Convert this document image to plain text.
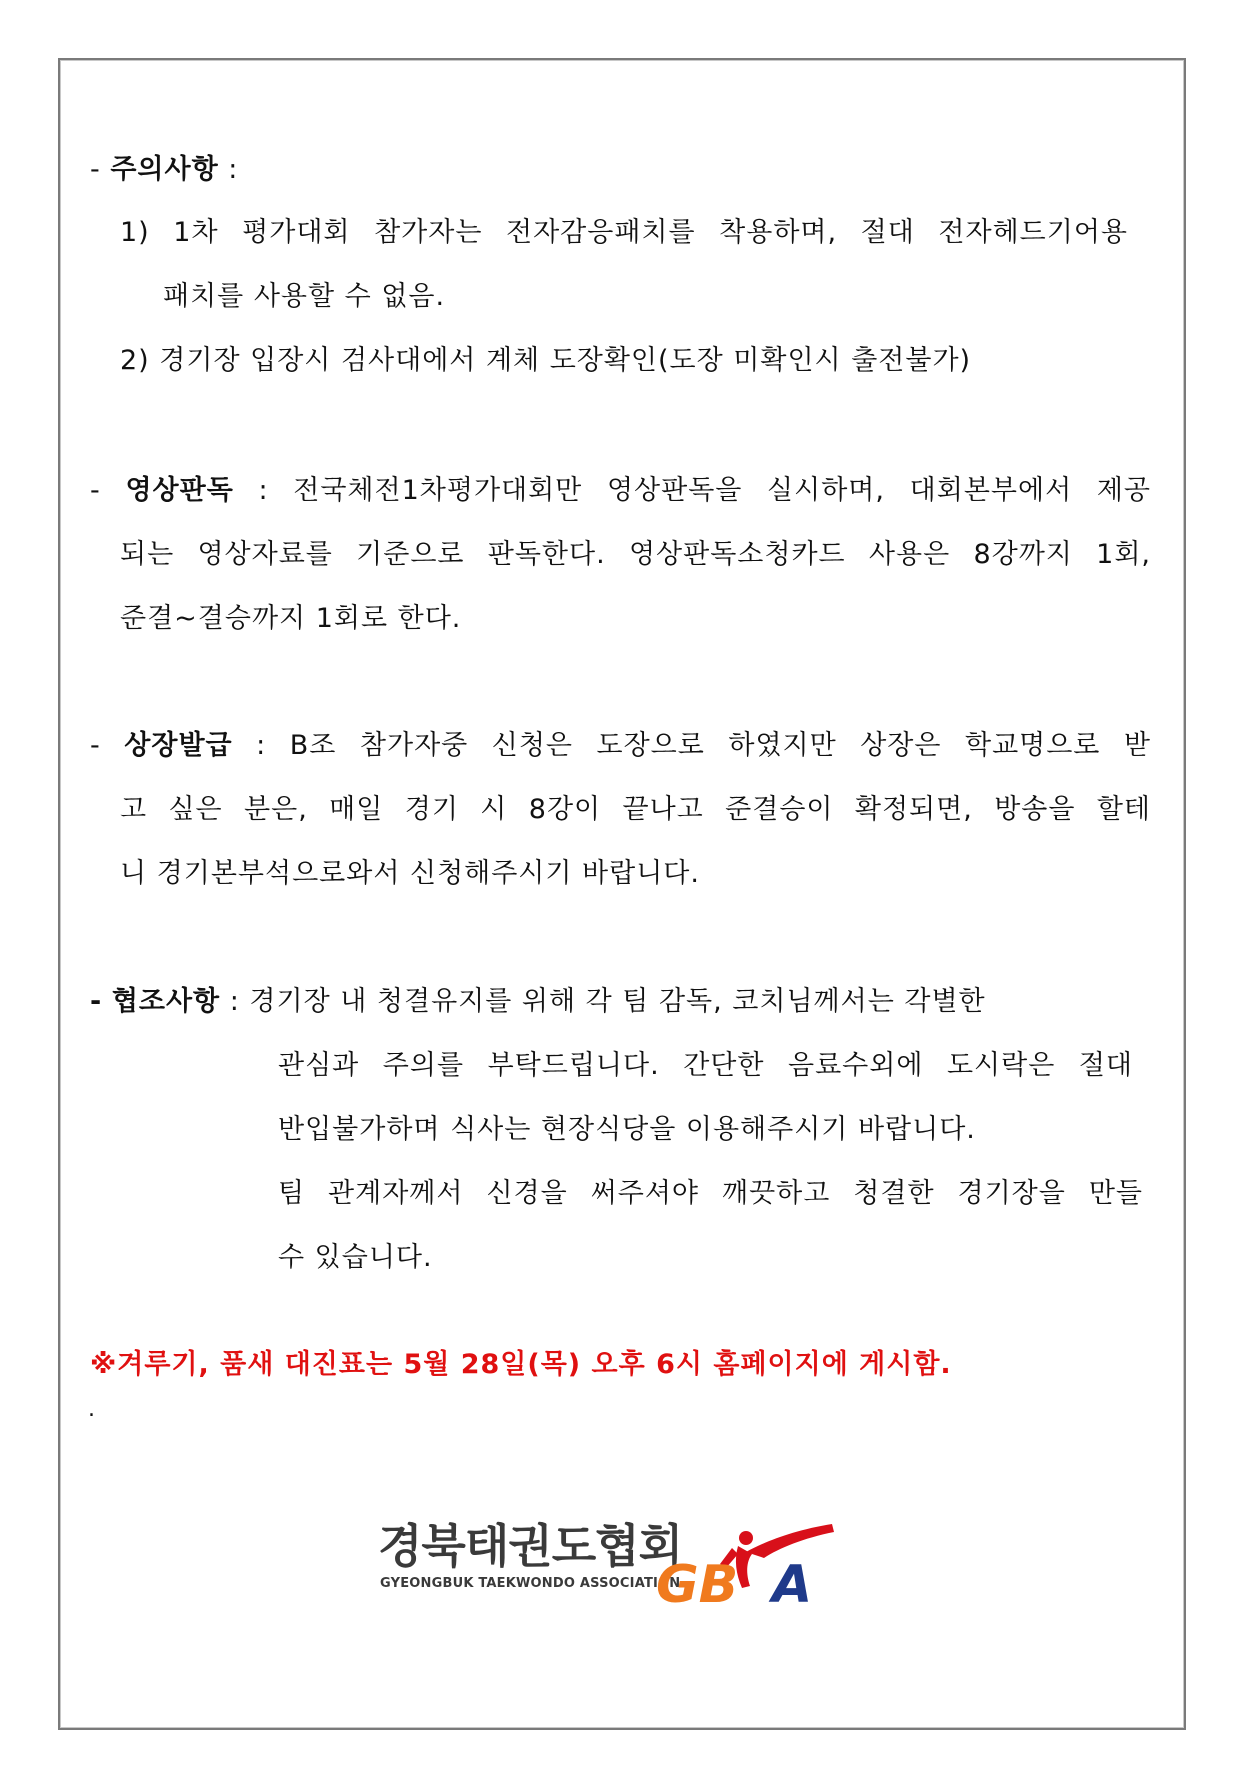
- 주의사항 :
1) 1차 평가대회 참가자는 전자감응패치를 착용하며, 절대 전자헤드기어용
패치를 사용할 수 없음.
2) 경기장 입장시 검사대에서 계체 도장확인(도장 미확인시 출전불가)
- 영상판독 : 전국체전1차평가대회만 영상판독을 실시하며, 대회본부에서 제공
되는 영상자료를 기준으로 판독한다. 영상판독소청카드 사용은 8강까지 1회,
준결~결승까지 1회로 한다.
- 상장발급 : B조 참가자중 신청은 도장으로 하였지만 상장은 학교명으로 받
고 싶은 분은, 매일 경기 시 8강이 끝나고 준결승이 확정되면, 방송을 할테
니 경기본부석으로와서 신청해주시기 바랍니다.
- 협조사항 : 경기장 내 청결유지를 위해 각 팀 감독, 코치님께서는 각별한
관심과 주의를 부탁드립니다. 간단한 음료수외에 도시락은 절대
반입불가하며 식사는 현장식당을 이용해주시기 바랍니다.
팀 관계자께서 신경을 써주셔야 깨끗하고 청결한 경기장을 만들
수 있습니다.
※겨루기, 품새 대진표는 5월 28일(목) 오후 6시 홈페이지에 게시함.
.
경북태권도협회
GYEONGBUK TAEKWONDO ASSOCIATION
GB A
